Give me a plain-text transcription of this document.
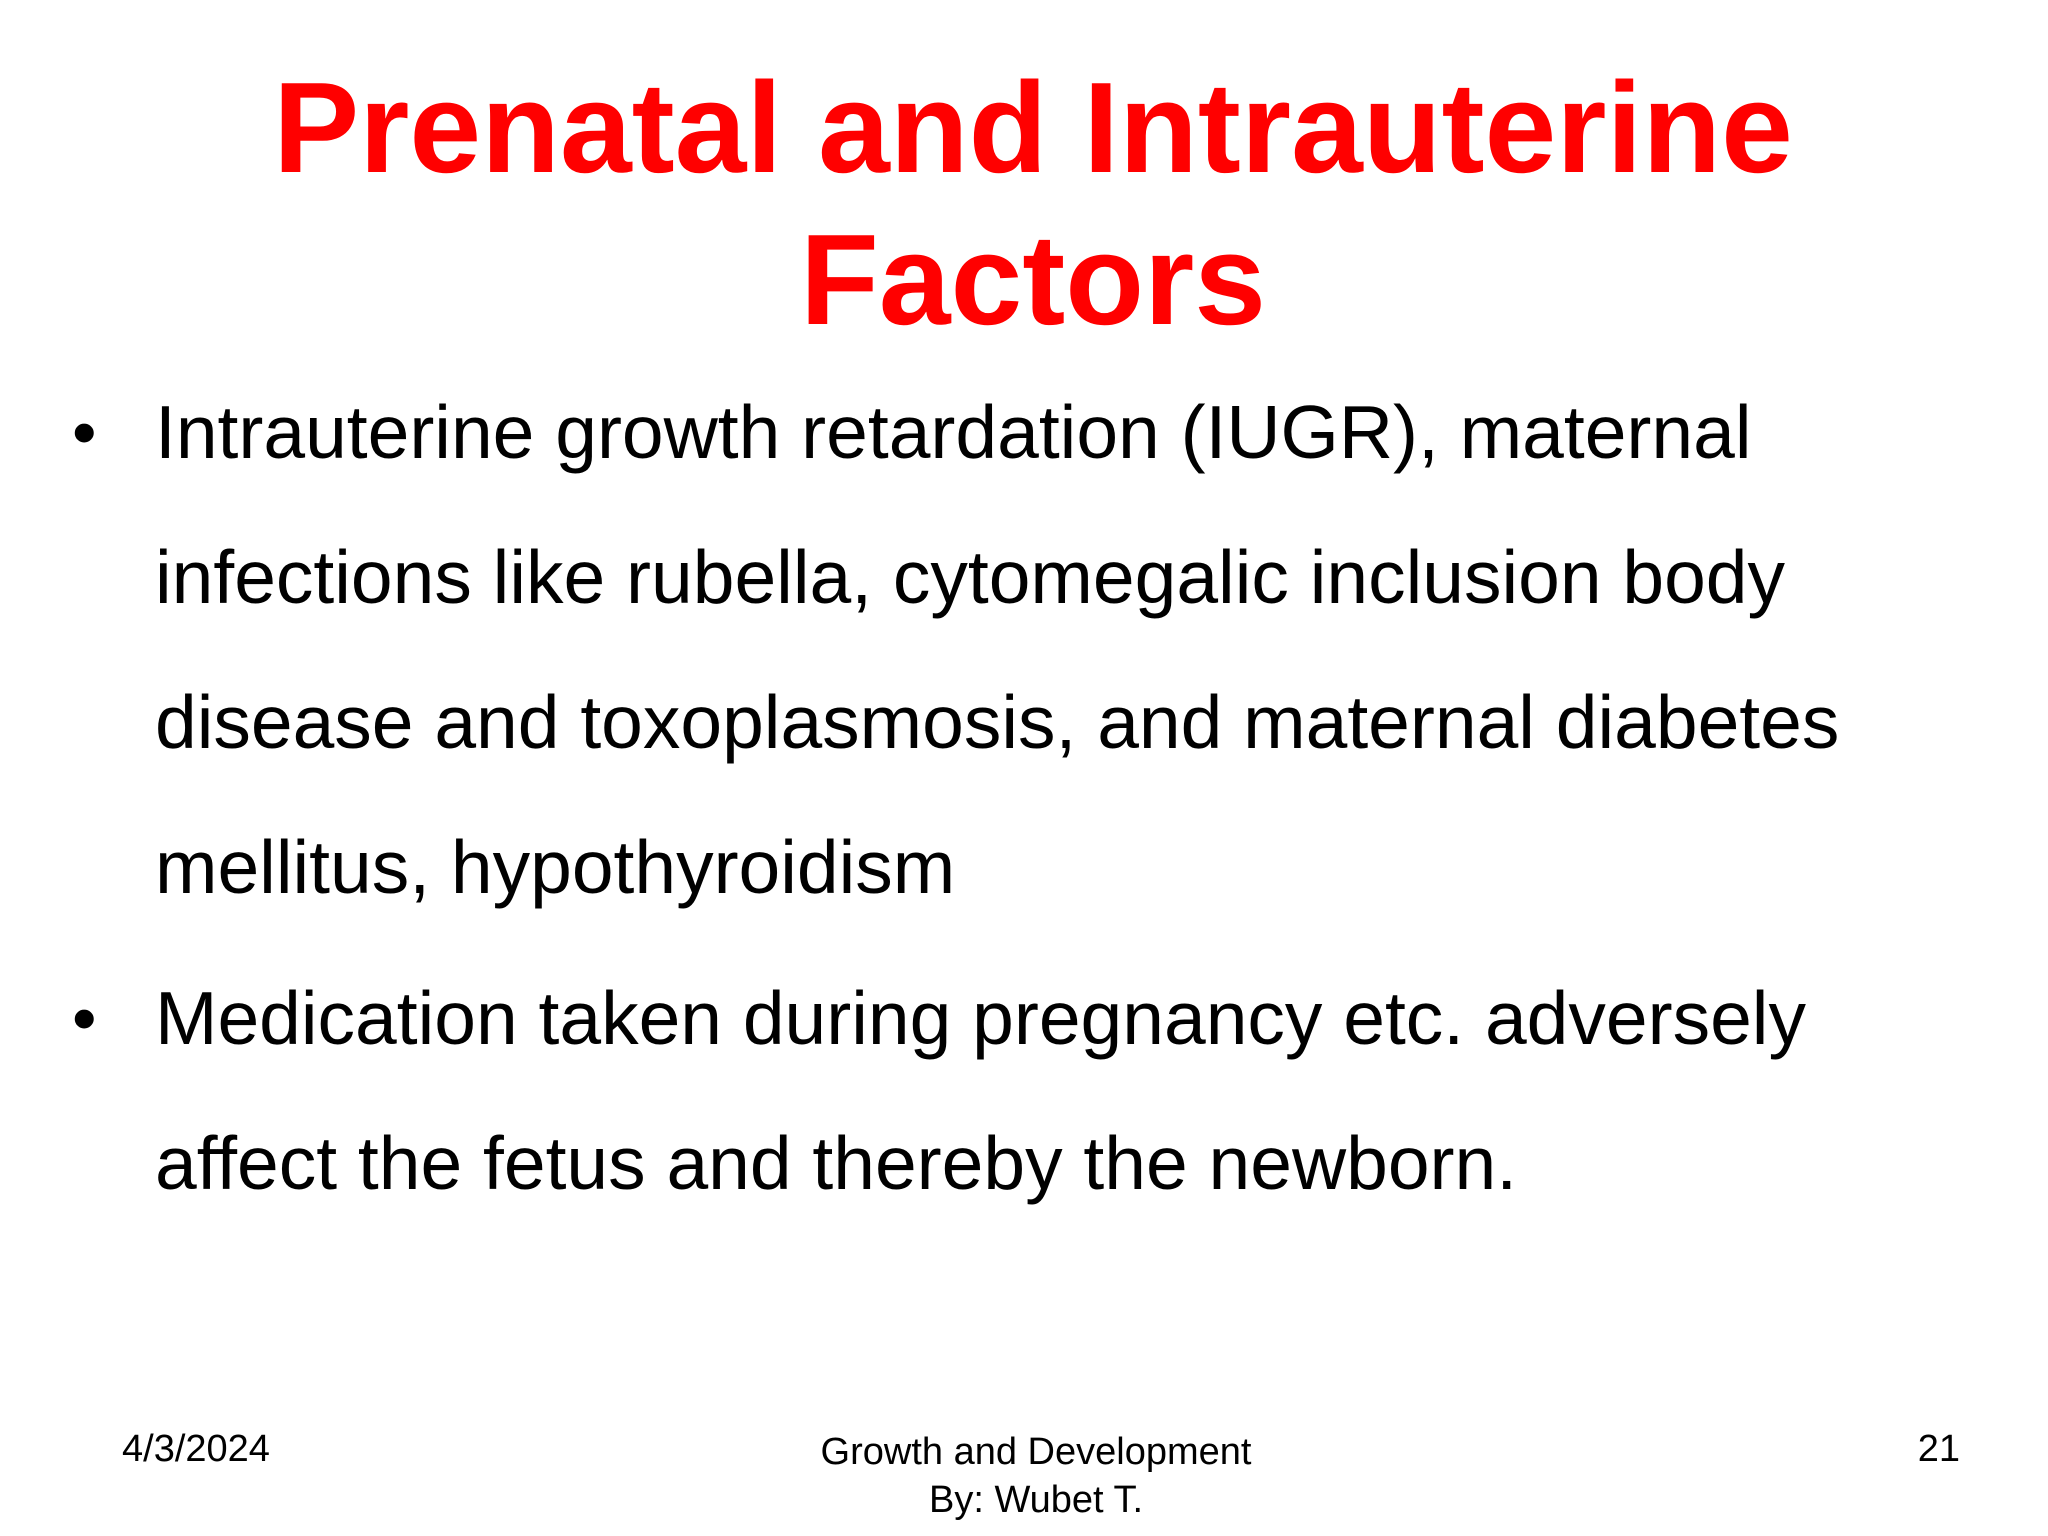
Prenatal and Intrauterine
Factors
• Intrauterine growth retardation (IUGR), maternal
infections like rubella, cytomegalic inclusion body
disease and toxoplasmosis, and maternal diabetes
mellitus, hypothyroidism
• Medication taken during pregnancy etc. adversely
affect the fetus and thereby the newborn.
4/3/2024	Growth and Development
By: Wubet T.
21
